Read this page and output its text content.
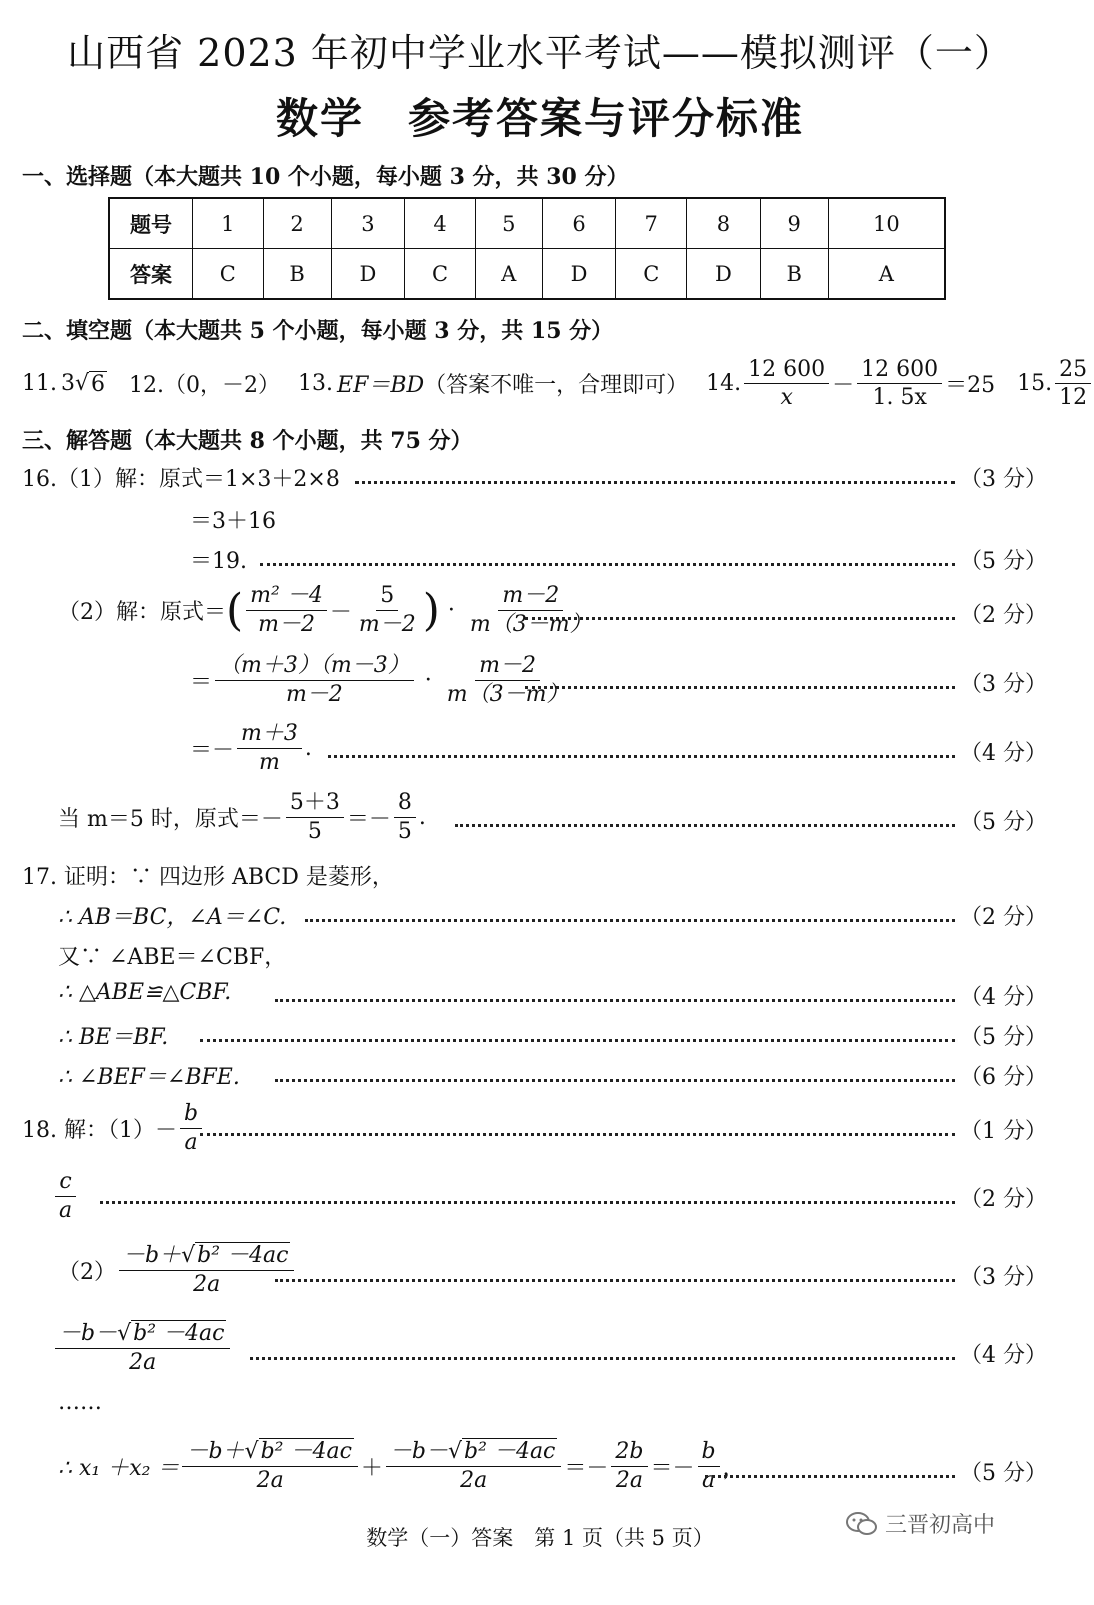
山西省 2023 年初中学业水平考试——模拟测评（一）
数学　参考答案与评分标准
一、选择题（本大题共 10 个小题，每小题 3 分，共 30 分）
题号	1	2	3	4	5	6	7	8	9	10
答案	C	B	D	C	A	D	C	D	B	A
二、填空题（本大题共 5 个小题，每小题 3 分，共 15 分）
11. 3 √ 6 12.（0，－2） 13. EF＝BD （答案不唯一，合理即可） 14. $\frac{12 600}{x} - \frac{12 600}{1. 5x} =25$ 15. $\frac{25}{12}$
三、解答题（本大题共 8 个小题，共 75 分）
16.（1）解：原式＝1×3＋2×8	（3 分）
＝3＋16
＝19.	（5 分）
（2）解：原式＝ ( $\frac{\text{m² －4}}{m-2} - \frac{5}{m-2}$ ) · $\frac{m-2}{m(3-m)}$	（2 分）
＝ $\frac{(m+3)(m-3)}{m-2} \cdot \frac{m-2}{m(3-m)}$	（3 分）
＝－ $\frac{m+3}{m}$ .	（4 分）
当 m＝5 时，原式＝－ $\frac{5+3}{5} =- \frac{8}{5}$ .	（5 分）
17. 证明：∵ 四边形 ABCD 是菱形，
∴ AB＝BC，∠A＝∠C.	（2 分）
又∵ ∠ABE＝∠CBF，
∴ △ABE≌△CBF.	（4 分）
∴ BE＝BF.	（5 分）
∴ ∠BEF＝∠BFE.	（6 分）
18. 解：$(1)- \frac{b}{a}$	（1 分）
$\frac{c}{a}$	（2 分）
$(2) \frac{\text{－b＋√b² －4ac}}{2a}$	（3 分）
$\frac{\text{－b－√b² －4ac}}{2a}$	（4 分）
……
∴ $x_1 +x_2 = \frac{\text{－b＋√b² －4ac}}{2a} + \frac{\text{－b－√b² －4ac}}{2a} =- \frac{2b}{2a} =- \frac{b}{a}$ ，	（5 分）
数学（一）答案　第 1 页（共 5 页）	三晋初高中
